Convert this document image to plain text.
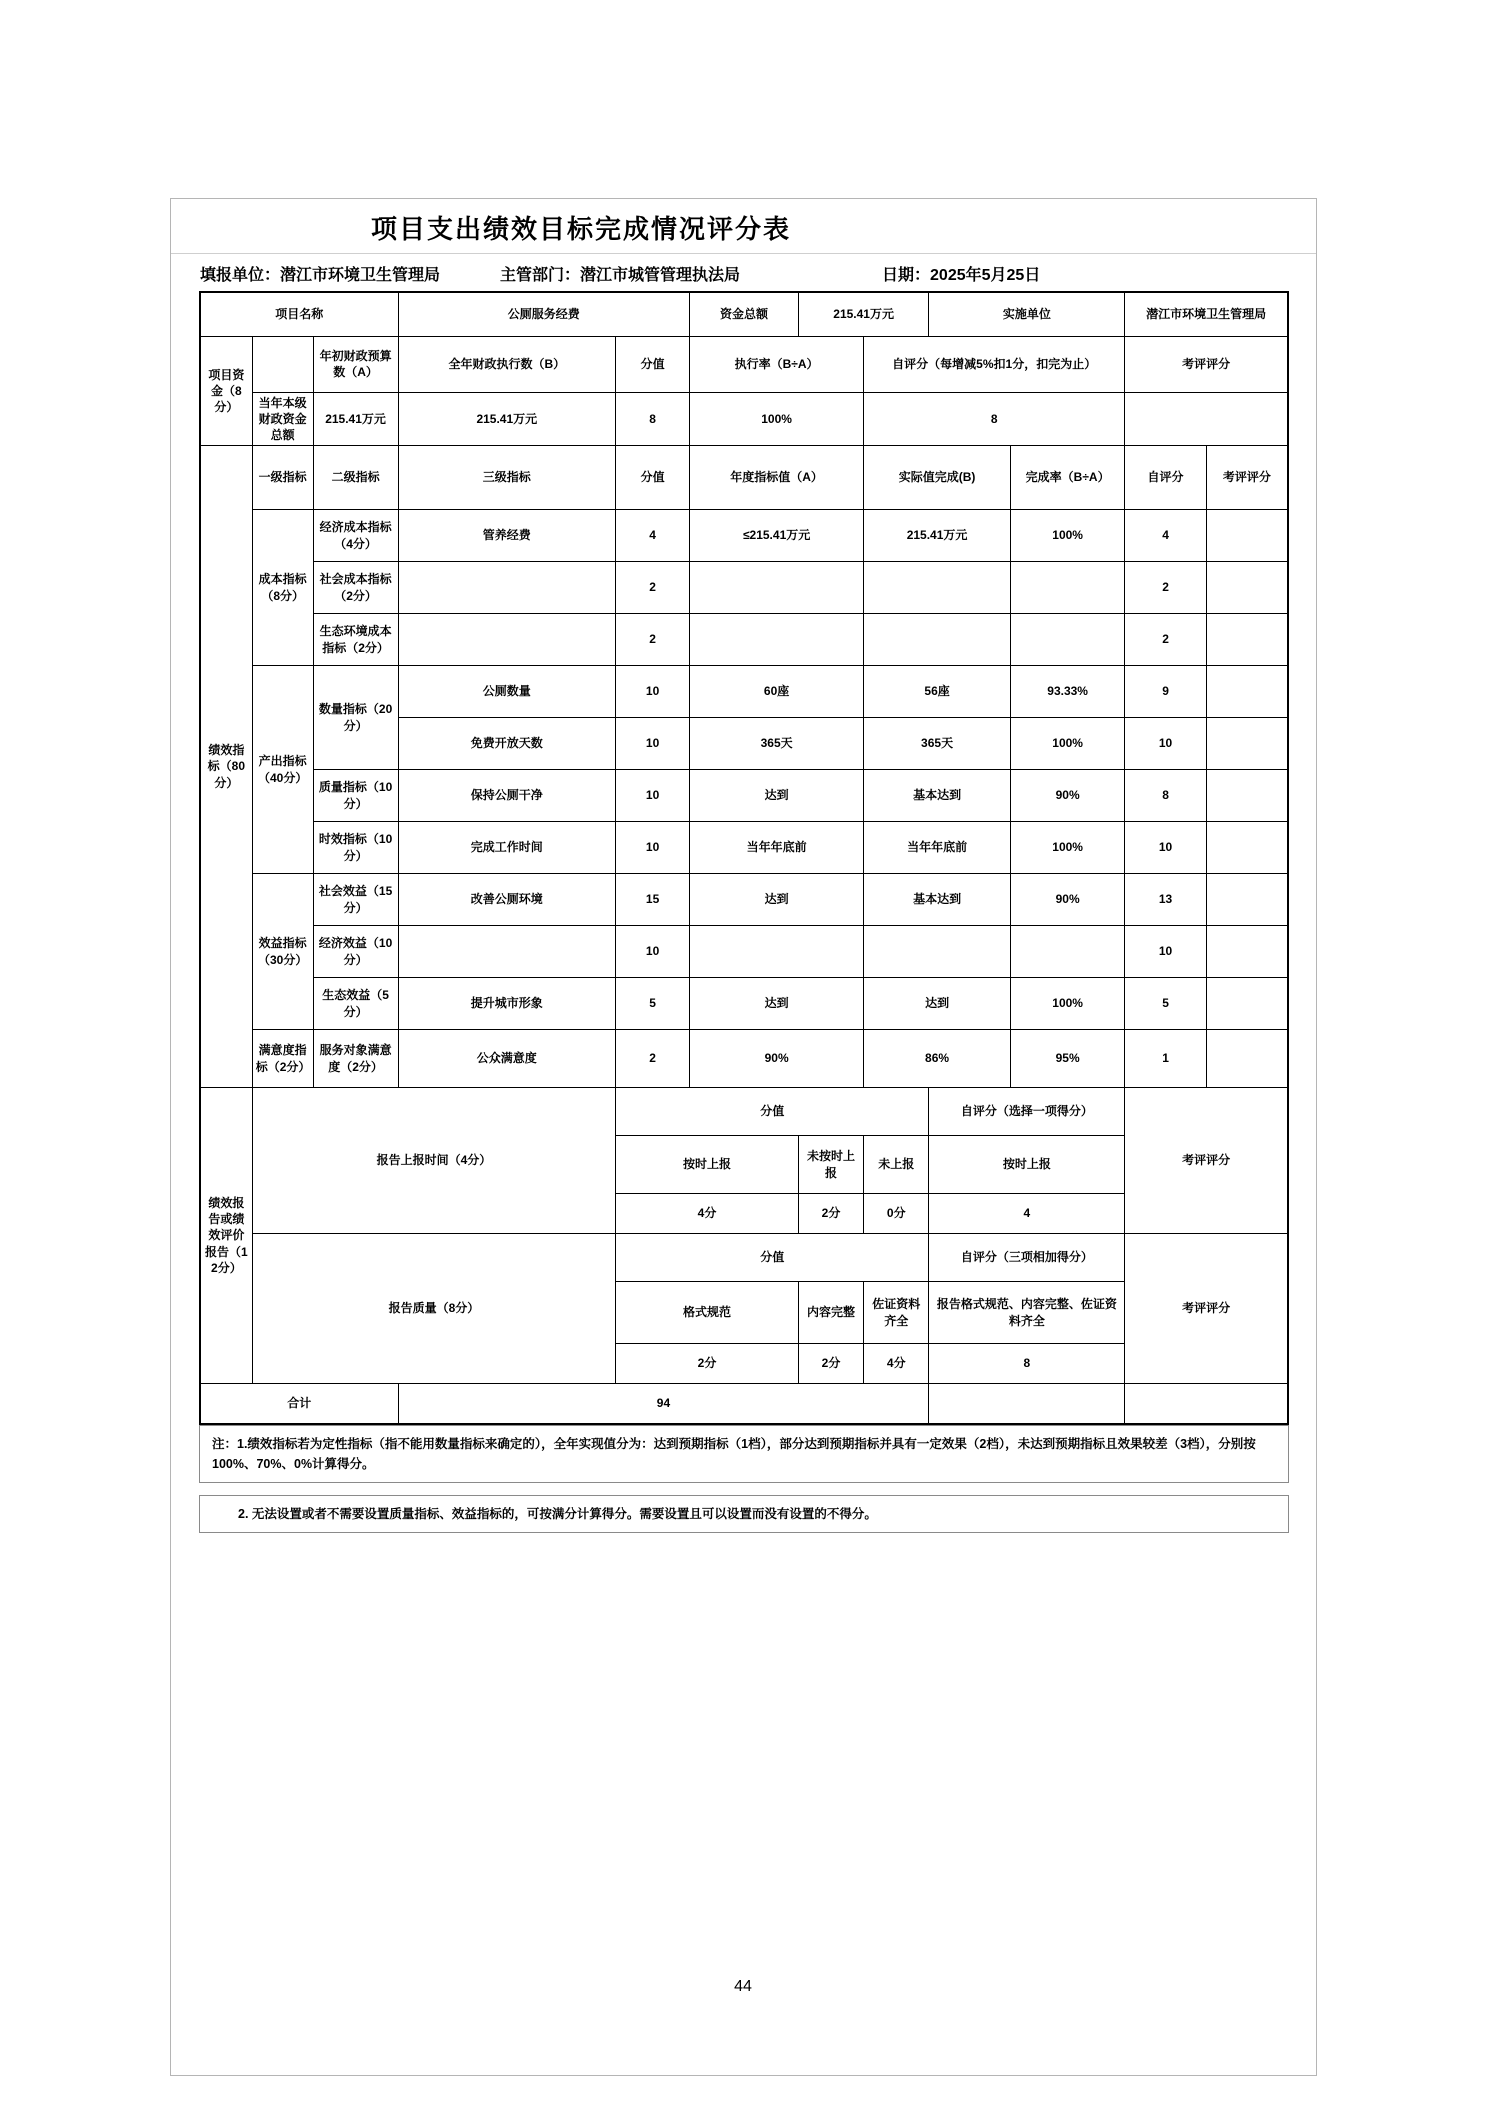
项目支出绩效目标完成情况评分表
填报单位：潜江市环境卫生管理局	主管部门：潜江市城管管理执法局	日期：2025年5月25日
项目名称			公厕服务经费		资金总额	215.41万元		实施单位		潜江市环境卫生管理局	
项目资金（8分）		年初财政预算数（A）	全年财政执行数（B）	分值	执行率（B÷A）		自评分（每增减5%扣1分，扣完为止）			考评评分	
	当年本级财政资金总额	215.41万元	215.41万元	8	100%		8				
绩效指标（80分）	一级指标	二级指标	三级指标	分值	年度指标值（A）		实际值完成(B)		完成率（B÷A）	自评分	考评评分
	成本指标（8分）	经济成本指标（4分）	管养经费	4	≤215.41万元		215.41万元		100%	4	
		社会成本指标（2分）		2						2	
		生态环境成本指标（2分）		2						2	
	产出指标（40分）	数量指标（20分）	公厕数量	10	60座		56座		93.33%	9	
			免费开放天数	10	365天		365天		100%	10	
		质量指标（10分）	保持公厕干净	10	达到		基本达到		90%	8	
		时效指标（10分）	完成工作时间	10	当年年底前		当年年底前		100%	10	
	效益指标（30分）	社会效益（15分）	改善公厕环境	15	达到		基本达到		90%	13	
		经济效益（10分）		10						10	
		生态效益（5分）	提升城市形象	5	达到		达到		100%	5	
	满意度指标（2分）	服务对象满意度（2分）	公众满意度	2	90%		86%		95%	1	
绩效报告或绩效评价报告（12分）	报告上报时间（4分）			分值				自评分（选择一项得分）		考评评分	
				按时上报		未按时上报	未上报	按时上报			
				4分		2分	0分	4			
	报告质量（8分）			分值				自评分（三项相加得分）		考评评分	
				格式规范		内容完整	佐证资料齐全	报告格式规范、内容完整、佐证资料齐全			
				2分		2分	4分	8			
合计			94								
注：1.绩效指标若为定性指标（指不能用数量指标来确定的），全年实现值分为：达到预期指标（1档），部分达到预期指标并具有一定效果（2档），未达到预期指标且效果较差（3档），分别按100%、70%、0%计算得分。
2. 无法设置或者不需要设置质量指标、效益指标的，可按满分计算得分。需要设置且可以设置而没有设置的不得分。
44
